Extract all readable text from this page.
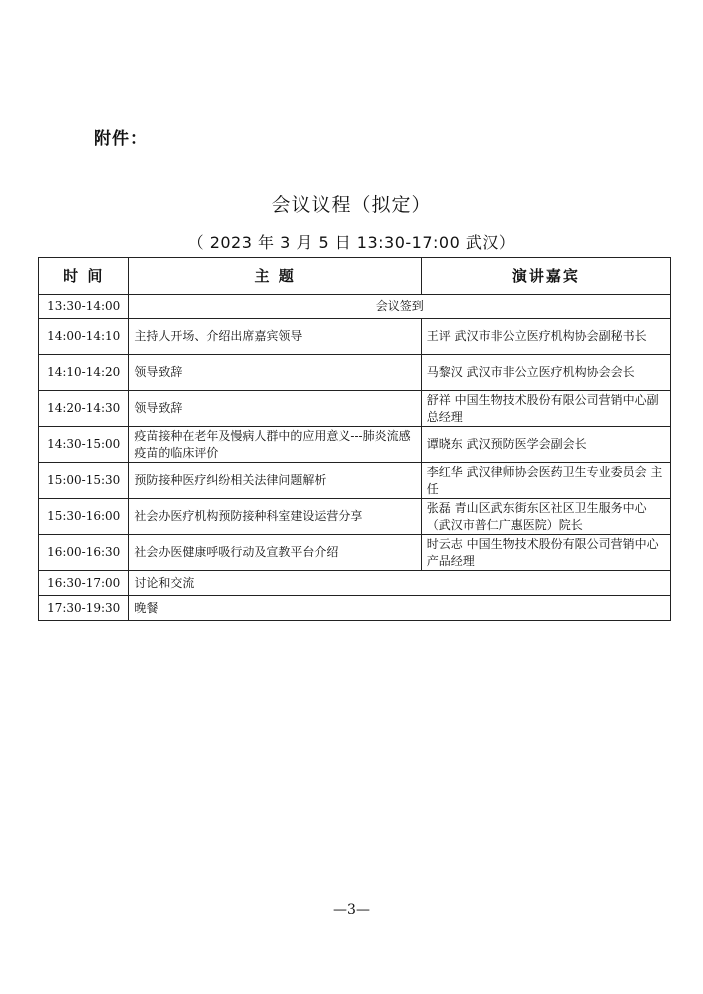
附件：
会议议程（拟定）
（ 2023 年 3 月 5 日 13:30-17:00 武汉）
时 间	主 题	演讲嘉宾
13:30-14:00	会议签到	
14:00-14:10	主持人开场、介绍出席嘉宾领导	王评 武汉市非公立医疗机构协会副秘书长
14:10-14:20	领导致辞	马黎汉 武汉市非公立医疗机构协会会长
14:20-14:30	领导致辞	舒祥 中国生物技术股份有限公司营销中心副总经理
14:30-15:00	疫苗接种在老年及慢病人群中的应用意义---肺炎流感疫苗的临床评价	谭晓东 武汉预防医学会副会长
15:00-15:30	预防接种医疗纠纷相关法律问题解析	李红华 武汉律师协会医药卫生专业委员会 主任
15:30-16:00	社会办医疗机构预防接种科室建设运营分享	张磊 青山区武东街东区社区卫生服务中心（武汉市普仁广惠医院）院长
16:00-16:30	社会办医健康呼吸行动及宣教平台介绍	时云志 中国生物技术股份有限公司营销中心产品经理
16:30-17:00	讨论和交流	
17:30-19:30	晚餐	
—3—
